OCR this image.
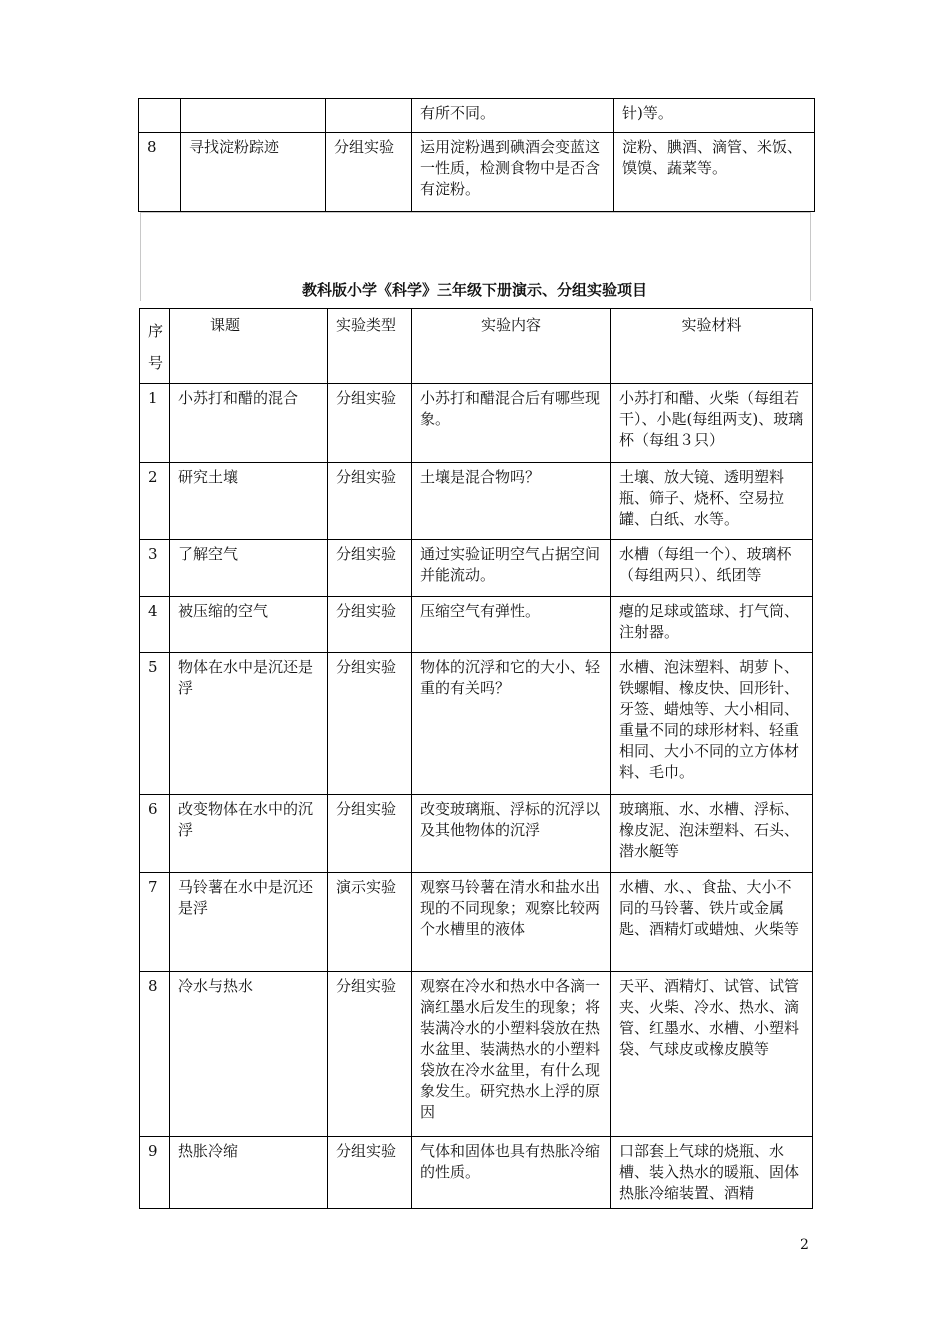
			有所不同。	针)等。
8	寻找淀粉踪迹	分组实验	运用淀粉遇到碘酒会变蓝这一性质，检测食物中是否含有淀粉。	淀粉、腆酒、滴管、米饭、馍馍、蔬菜等。
教科版小学《科学》三年级下册演示、分组实验项目
序号	课题	实验类型	实验内容	实验材料
1	小苏打和醋的混合	分组实验	小苏打和醋混合后有哪些现象。	小苏打和醋、火柴（每组若干）、小匙(每组两支)、玻璃杯（每组３只）
2	研究土壤	分组实验	土壤是混合物吗？	土壤、放大镜、透明塑料瓶、筛子、烧杯、空易拉罐、白纸、水等。
3	了解空气	分组实验	通过实验证明空气占据空间并能流动。	水槽（每组一个）、玻璃杯（每组两只）、纸团等
4	被压缩的空气	分组实验	压缩空气有弹性。	瘪的足球或篮球、打气筒、注射器。
5	物体在水中是沉还是浮	分组实验	物体的沉浮和它的大小、轻重的有关吗？	水槽、泡沫塑料、胡萝卜、铁螺帽、橡皮快、回形针、牙签、蜡烛等、大小相同、重量不同的球形材料、轻重相同、大小不同的立方体材料、毛巾。
6	改变物体在水中的沉浮	分组实验	改变玻璃瓶、浮标的沉浮以及其他物体的沉浮	玻璃瓶、水、水槽、浮标、橡皮泥、泡沫塑料、石头、潜水艇等
7	马铃薯在水中是沉还是浮	演示实验	观察马铃薯在清水和盐水出现的不同现象；观察比较两个水槽里的液体	水槽、水、、食盐、大小不同的马铃薯、铁片或金属匙、酒精灯或蜡烛、火柴等
8	冷水与热水	分组实验	观察在冷水和热水中各滴一滴红墨水后发生的现象；将装满冷水的小塑料袋放在热水盆里、装满热水的小塑料袋放在冷水盆里，有什么现象发生。研究热水上浮的原因	天平、酒精灯、试管、试管夹、火柴、冷水、热水、滴管、红墨水、水槽、小塑料袋、气球皮或橡皮膜等
9	热胀冷缩	分组实验	气体和固体也具有热胀冷缩的性质。	口部套上气球的烧瓶、水槽、装入热水的暖瓶、固体热胀冷缩装置、酒精
2
